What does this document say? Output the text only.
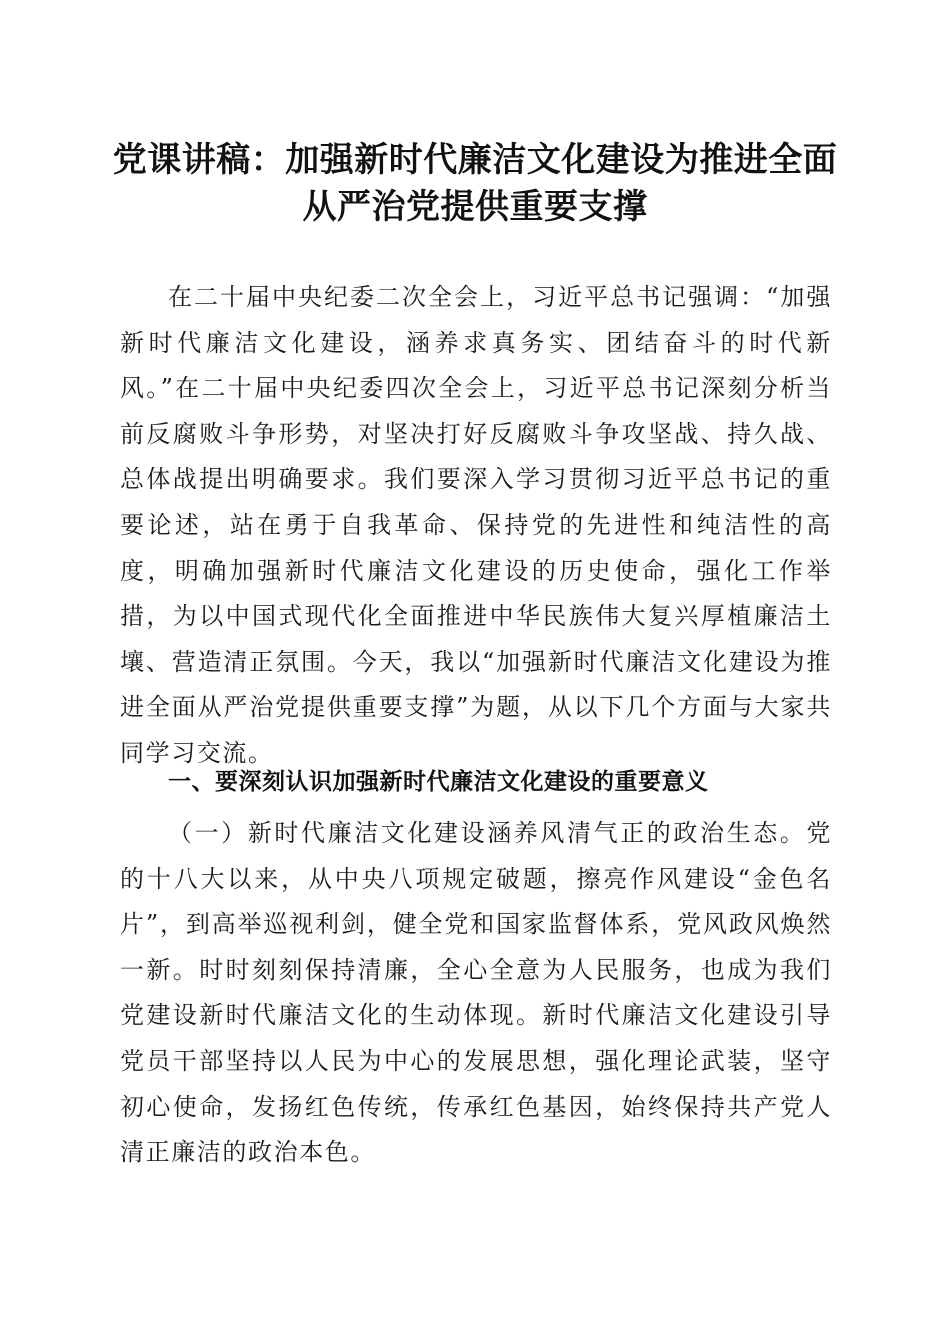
党课讲稿：加强新时代廉洁文化建设为推进全面从严治党提供重要支撑

在二十届中央纪委二次全会上，习近平总书记强调：“加强新时代廉洁文化建设，涵养求真务实、团结奋斗的时代新风。”在二十届中央纪委四次全会上，习近平总书记深刻分析当前反腐败斗争形势，对坚决打好反腐败斗争攻坚战、持久战、总体战提出明确要求。我们要深入学习贯彻习近平总书记的重要论述，站在勇于自我革命、保持党的先进性和纯洁性的高度，明确加强新时代廉洁文化建设的历史使命，强化工作举措，为以中国式现代化全面推进中华民族伟大复兴厚植廉洁土壤、营造清正氛围。今天，我以“加强新时代廉洁文化建设为推进全面从严治党提供重要支撑”为题，从以下几个方面与大家共同学习交流。

一、要深刻认识加强新时代廉洁文化建设的重要意义

（一）新时代廉洁文化建设涵养风清气正的政治生态。党的十八大以来，从中央八项规定破题，擦亮作风建设“金色名片”，到高举巡视利剑，健全党和国家监督体系，党风政风焕然一新。时时刻刻保持清廉，全心全意为人民服务，也成为我们党建设新时代廉洁文化的生动体现。新时代廉洁文化建设引导党员干部坚持以人民为中心的发展思想，强化理论武装，坚守初心使命，发扬红色传统，传承红色基因，始终保持共产党人清正廉洁的政治本色。
